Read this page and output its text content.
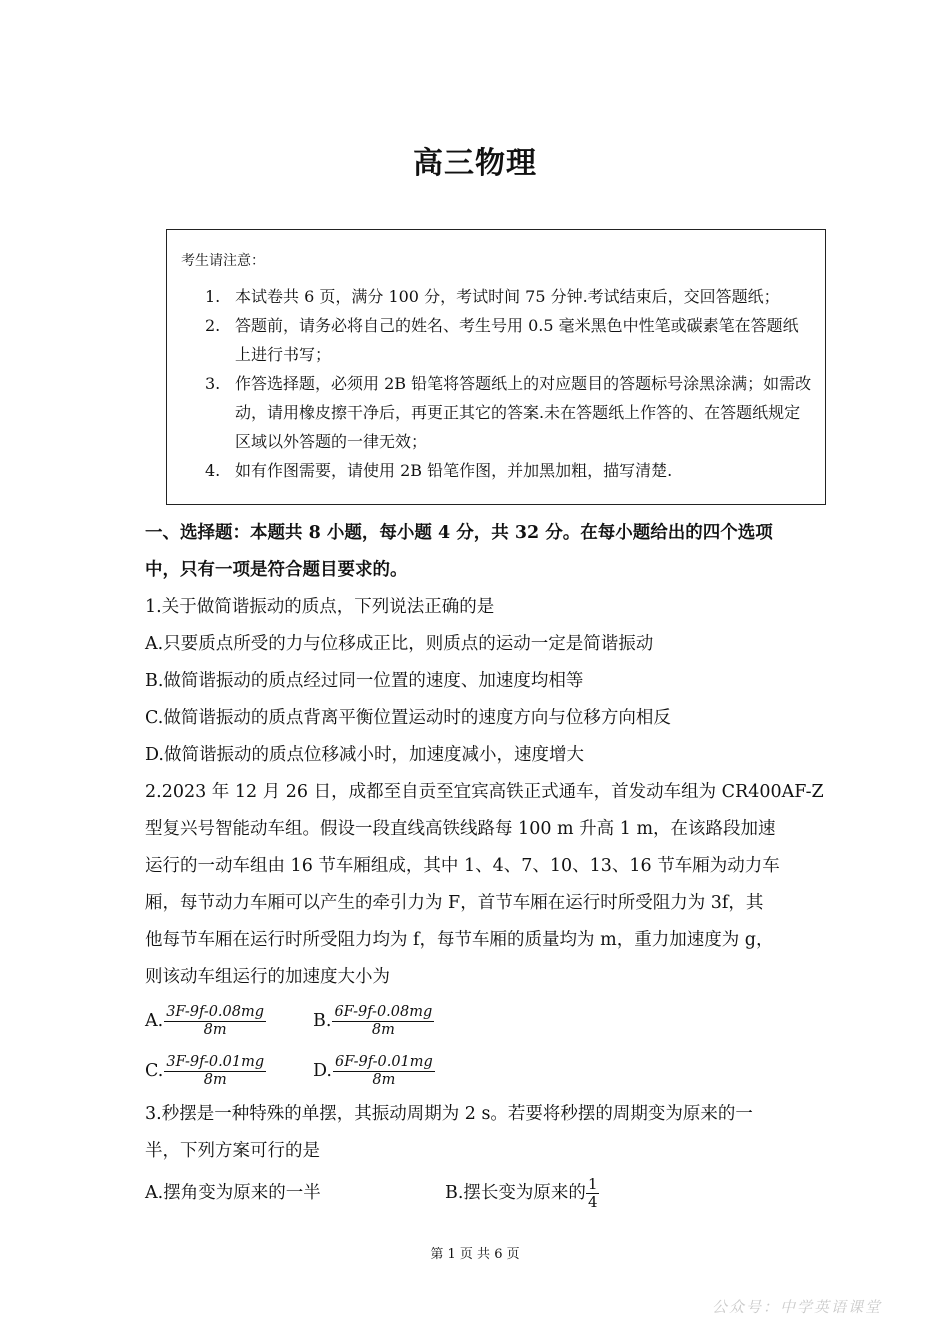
高三物理
考生请注意：
1. 本试卷共 6 页，满分 100 分，考试时间 75 分钟.考试结束后，交回答题纸；
2. 答题前，请务必将自己的姓名、考生号用 0.5 毫米黑色中性笔或碳素笔在答题纸上进行书写；
3. 作答选择题，必须用 2B 铅笔将答题纸上的对应题目的答题标号涂黑涂满；如需改动，请用橡皮擦干净后，再更正其它的答案.未在答题纸上作答的、在答题纸规定区域以外答题的一律无效；
4. 如有作图需要，请使用 2B 铅笔作图，并加黑加粗，描写清楚.
一、选择题：本题共 8 小题，每小题 4 分，共 32 分。在每小题给出的四个选项
中，只有一项是符合题目要求的。
1.关于做简谐振动的质点，下列说法正确的是
A.只要质点所受的力与位移成正比，则质点的运动一定是简谐振动
B.做简谐振动的质点经过同一位置的速度、加速度均相等
C.做简谐振动的质点背离平衡位置运动时的速度方向与位移方向相反
D.做简谐振动的质点位移减小时，加速度减小，速度增大
2.2023 年 12 月 26 日，成都至自贡至宜宾高铁正式通车，首发动车组为 CR400AF-Z
型复兴号智能动车组。假设一段直线高铁线路每 100 m 升高 1 m，在该路段加速
运行的一动车组由 16 节车厢组成，其中 1、4、7、10、13、16 节车厢为动力车
厢，每节动力车厢可以产生的牵引力为 F，首节车厢在运行时所受阻力为 3f，其
他每节车厢在运行时所受阻力均为 f，每节车厢的质量均为 m，重力加速度为 g，
则该动车组运行的加速度大小为
A. $\frac{3F-9f-0.08mg}{8m}$	B. $\frac{6F-9f-0.08mg}{8m}$
C. $\frac{3F-9f-0.01mg}{8m}$	D. $\frac{6F-9f-0.01mg}{8m}$
3.秒摆是一种特殊的单摆，其振动周期为 2 s。若要将秒摆的周期变为原来的一
半，下列方案可行的是
A.摆角变为原来的一半	B.摆长变为原来的 $\frac{1}{4}$
第 1 页 共 6 页
公众号：中学英语课堂
